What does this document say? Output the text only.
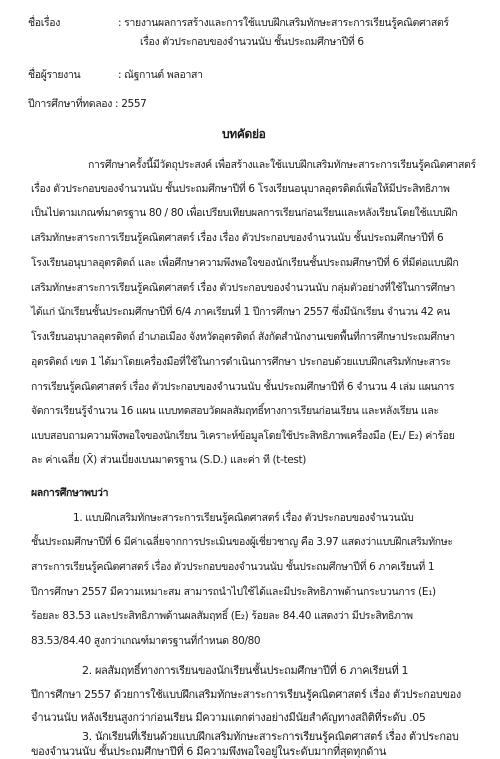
ชื่อเรื่อง	: รายงานผลการสร้างและการใช้แบบฝึกเสริมทักษะสาระการเรียนรู้คณิตศาสตร์
เรื่อง ตัวประกอบของจำนวนนับ ชั้นประถมศึกษาปีที่ 6
ชื่อผู้รายงาน	: ณัฐกานต์ พลอาสา
ปีการศึกษาที่ทดลอง : 2557
บทคัดย่อ
การศึกษาครั้งนี้มีวัตถุประสงค์ เพื่อสร้างและใช้แบบฝึกเสริมทักษะสาระการเรียนรู้คณิตศาสตร์
เรื่อง ตัวประกอบของจำนวนนับ ชั้นประถมศึกษาปีที่ 6 โรงเรียนอนุบาลอุตรดิตถ์เพื่อให้มีประสิทธิภาพ
เป็นไปตามเกณฑ์มาตรฐาน 80 / 80 เพื่อเปรียบเทียบผลการเรียนก่อนเรียนและหลังเรียนโดยใช้แบบฝึก
เสริมทักษะสาระการเรียนรู้คณิตศาสตร์ เรื่อง เรื่อง ตัวประกอบของจำนวนนับ ชั้นประถมศึกษาปีที่ 6
โรงเรียนอนุบาลอุตรดิตถ์ และ เพื่อศึกษาความพึงพอใจของนักเรียนชั้นประถมศึกษาปีที่ 6 ที่มีต่อแบบฝึก
เสริมทักษะสาระการเรียนรู้คณิตศาสตร์ เรื่อง ตัวประกอบของจำนวนนับ กลุ่มตัวอย่างที่ใช้ในการศึกษา
ได้แก่ นักเรียนชั้นประถมศึกษาปีที่ 6/4 ภาคเรียนที่ 1 ปีการศึกษา 2557 ซึ่งมีนักเรียน จำนวน 42 คน
โรงเรียนอนุบาลอุตรดิตถ์ อำเภอเมือง จังหวัดอุตรดิตถ์ สังกัดสำนักงานเขตพื้นที่การศึกษาประถมศึกษา
อุตรดิตถ์ เขต 1 ได้มาโดยเครื่องมือที่ใช้ในการดำเนินการศึกษา ประกอบด้วยแบบฝึกเสริมทักษะสาระ
การเรียนรู้คณิตศาสตร์ เรื่อง ตัวประกอบของจำนวนนับ ชั้นประถมศึกษาปีที่ 6 จำนวน 4 เล่ม แผนการ
จัดการเรียนรู้จำนวน 16 แผน แบบทดสอบวัดผลสัมฤทธิ์ทางการเรียนก่อนเรียน และหลังเรียน และ
แบบสอบถามความพึงพอใจของนักเรียน วิเคราะห์ข้อมูลโดยใช้ประสิทธิภาพเครื่องมือ (E₁/ E₂) ค่าร้อย
ละ ค่าเฉลี่ย (X̄) ส่วนเบี่ยงเบนมาตรฐาน (S.D.) และค่า ที (t-test)
ผลการศึกษาพบว่า
1. แบบฝึกเสริมทักษะสาระการเรียนรู้คณิตศาสตร์ เรื่อง ตัวประกอบของจำนวนนับ
ชั้นประถมศึกษาปีที่ 6 มีค่าเฉลี่ยจากการประเมินของผู้เชี่ยวชาญ คือ 3.97 แสดงว่าแบบฝึกเสริมทักษะ
สาระการเรียนรู้คณิตศาสตร์ เรื่อง ตัวประกอบของจำนวนนับ ชั้นประถมศึกษาปีที่ 6 ภาคเรียนที่ 1
ปีการศึกษา 2557 มีความเหมาะสม สามารถนำไปใช้ได้และมีประสิทธิภาพด้านกระบวนการ (E₁)
ร้อยละ 83.53 และประสิทธิภาพด้านผลสัมฤทธิ์ (E₂) ร้อยละ 84.40 แสดงว่า มีประสิทธิภาพ
83.53/84.40 สูงกว่าเกณฑ์มาตรฐานที่กำหนด 80/80
2. ผลสัมฤทธิ์ทางการเรียนของนักเรียนชั้นประถมศึกษาปีที่ 6 ภาคเรียนที่ 1
ปีการศึกษา 2557 ด้วยการใช้แบบฝึกเสริมทักษะสาระการเรียนรู้คณิตศาสตร์ เรื่อง ตัวประกอบของ
จำนวนนับ หลังเรียนสูงกว่าก่อนเรียน มีความแตกต่างอย่างมีนัยสำคัญทางสถิติที่ระดับ .05
3. นักเรียนที่เรียนด้วยแบบฝึกเสริมทักษะสาระการเรียนรู้คณิตศาสตร์ เรื่อง ตัวประกอบ
ของจำนวนนับ ชั้นประถมศึกษาปีที่ 6 มีความพึงพอใจอยู่ในระดับมากที่สุดทุกด้าน
